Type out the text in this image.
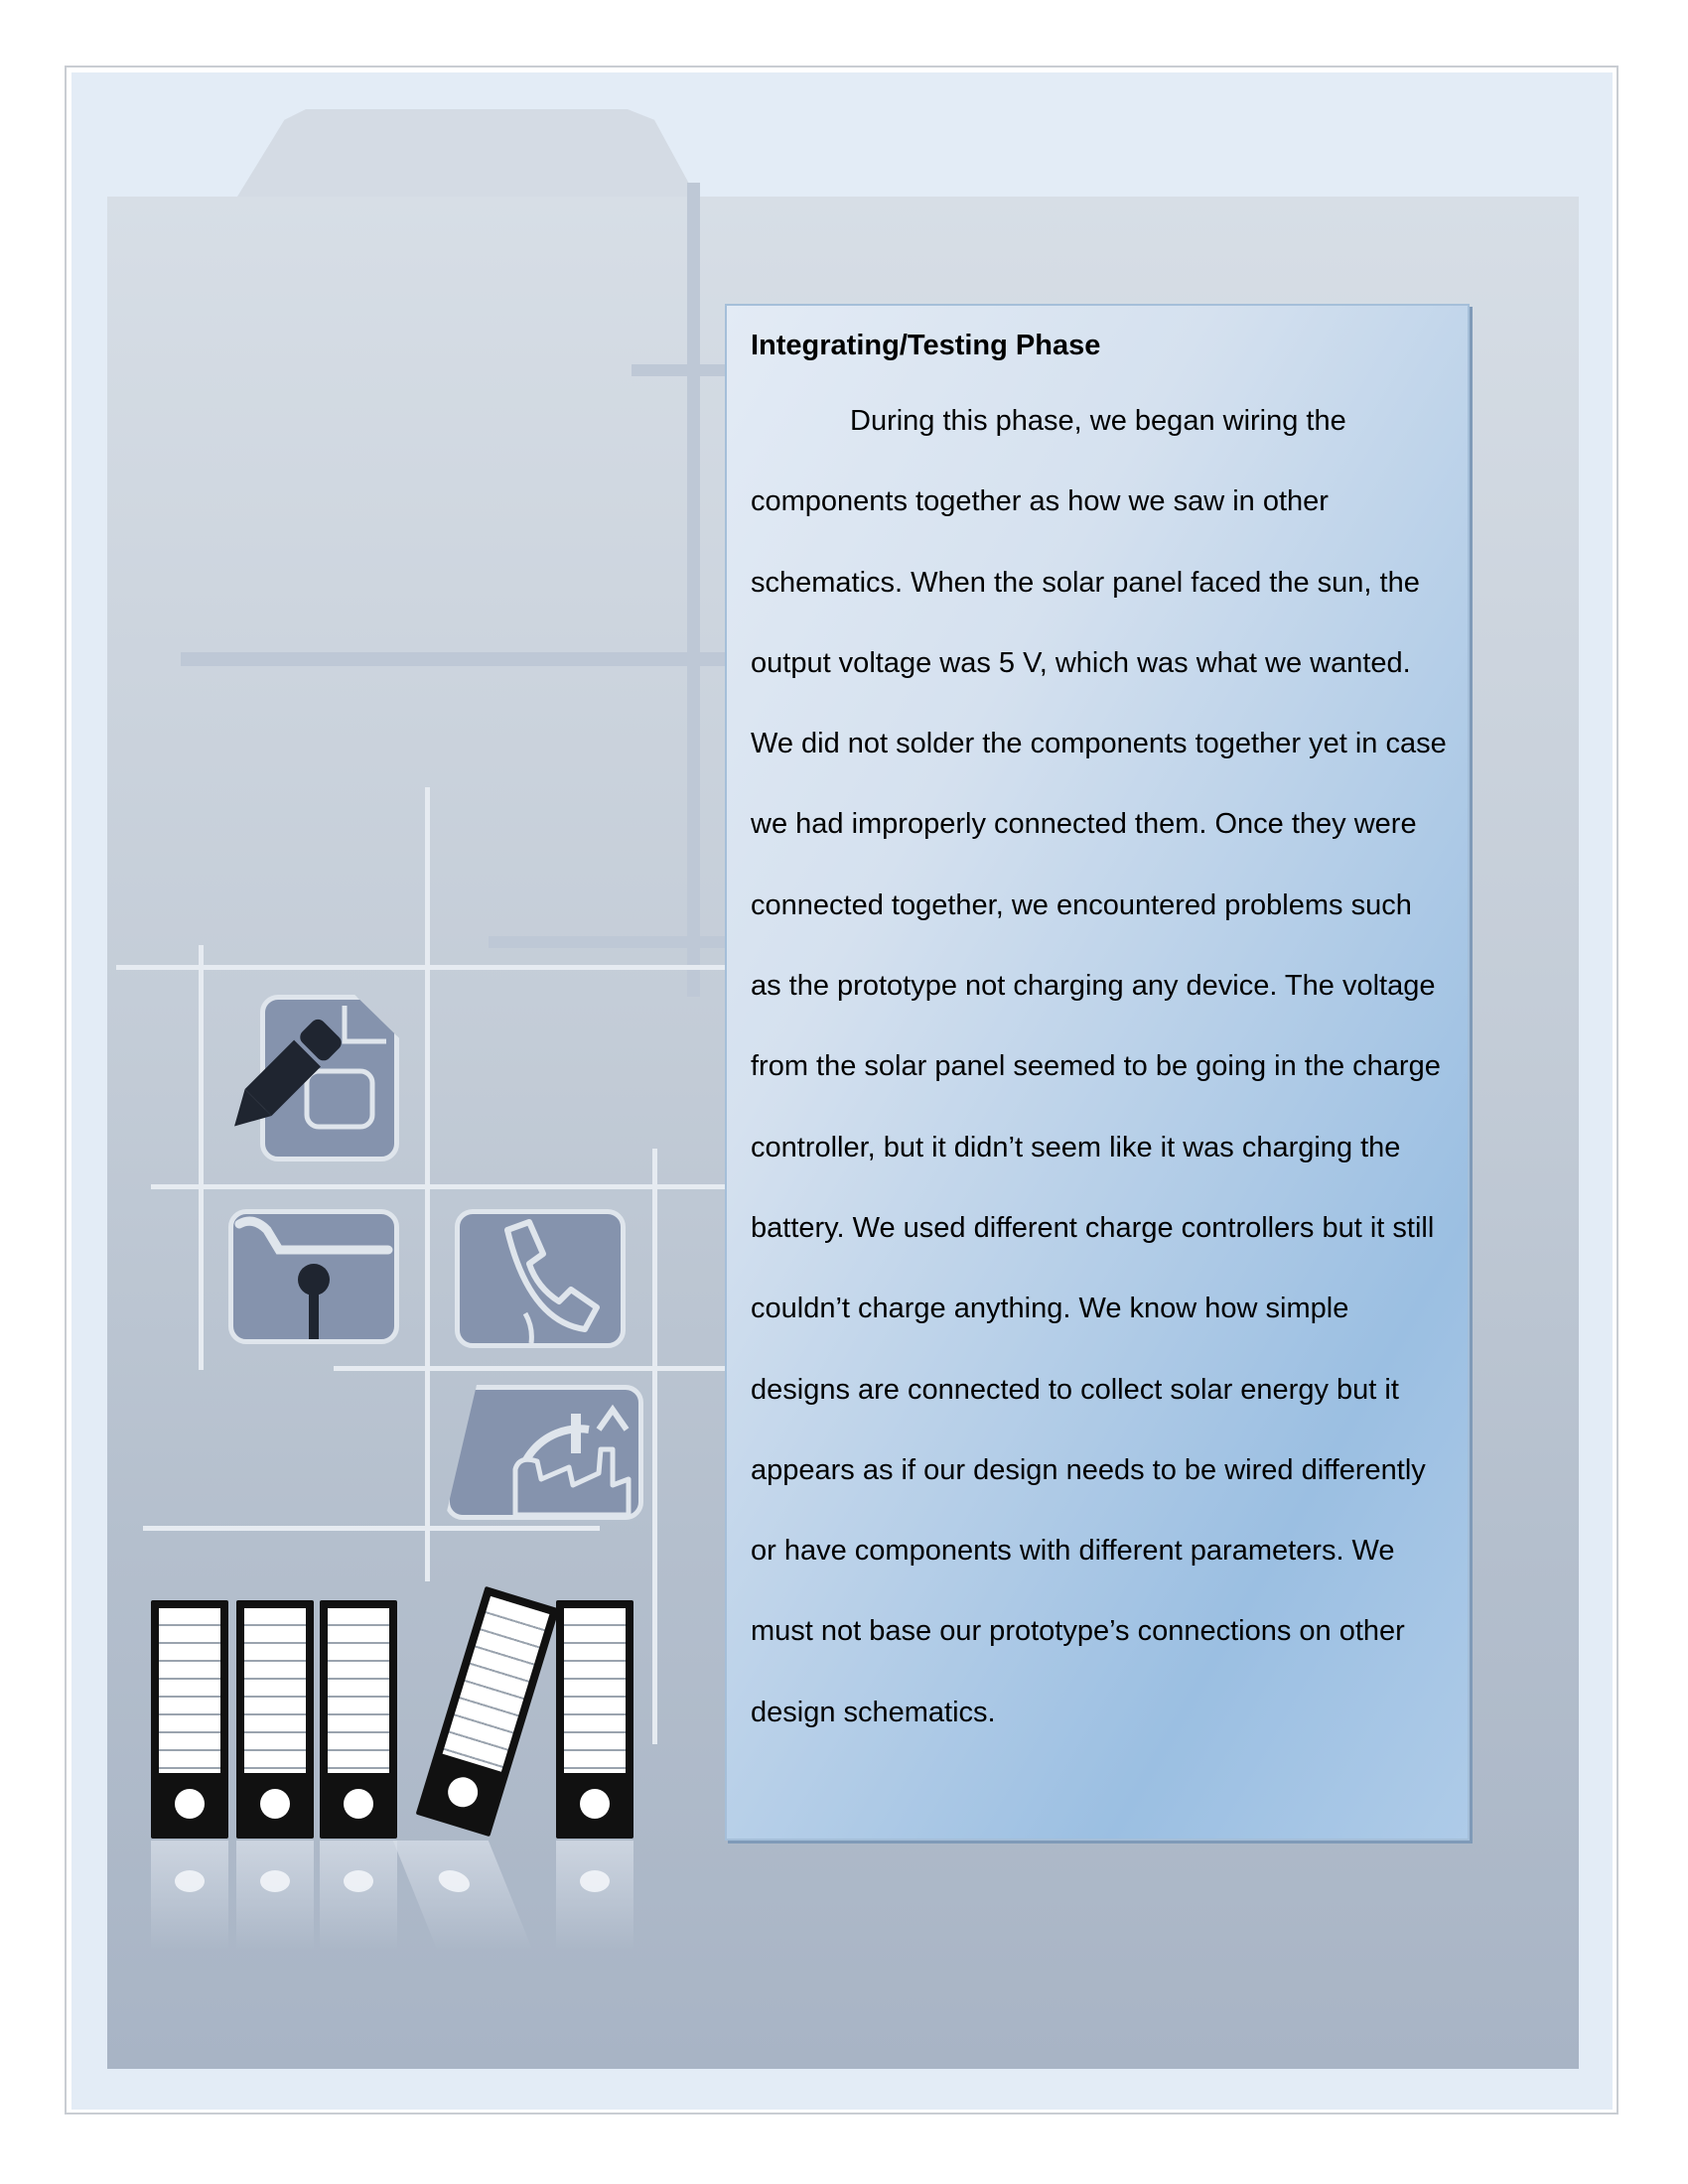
Integrating/Testing Phase

During this phase, we began wiring the components together as how we saw in other schematics. When the solar panel faced the sun, the output voltage was 5 V, which was what we wanted. We did not solder the components together yet in case we had improperly connected them. Once they were connected together, we encountered problems such as the prototype not charging any device. The voltage from the solar panel seemed to be going in the charge controller, but it didn’t seem like it was charging the battery. We used different charge controllers but it still couldn’t charge anything. We know how simple designs are connected to collect solar energy but it appears as if our design needs to be wired differently or have components with different parameters. We must not base our prototype’s connections on other design schematics.
